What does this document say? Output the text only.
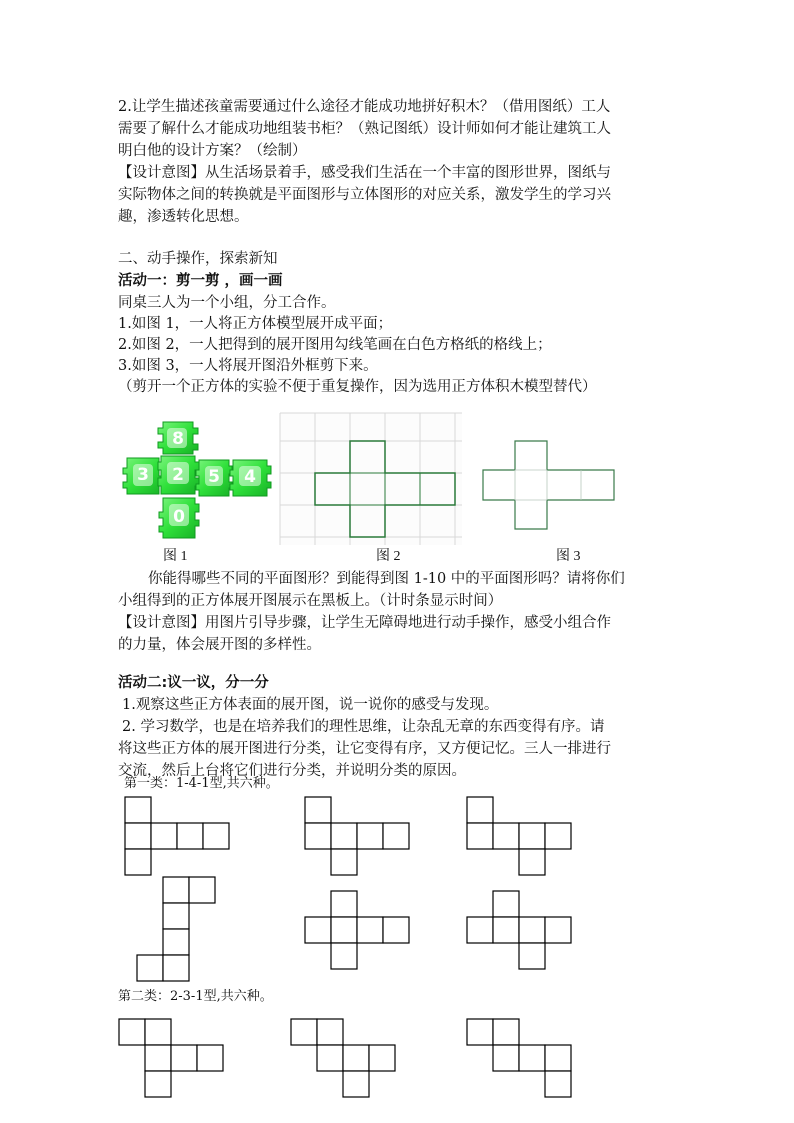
2.让学生描述孩童需要通过什么途径才能成功地拼好积木？（借用图纸）工人
需要了解什么才能成功地组装书柜？（熟记图纸）设计师如何才能让建筑工人
明白他的设计方案？（绘制）
【设计意图】从生活场景着手，感受我们生活在一个丰富的图形世界，图纸与
实际物体之间的转换就是平面图形与立体图形的对应关系，激发学生的学习兴
趣，渗透转化思想。
二、动手操作，探索新知
活动一：剪一剪 ，画一画
同桌三人为一个小组，分工合作。
1.如图 1，一人将正方体模型展开成平面；
2.如图 2，一人把得到的展开图用勾线笔画在白色方格纸的格线上；
3.如图 3，一人将展开图沿外框剪下来。
（剪开一个正方体的实验不便于重复操作，因为选用正方体积木模型替代）
8
3 2 5 4
0
图 1	图 2	图 3
你能得哪些不同的平面图形？到能得到图 1-10 中的平面图形吗？请将你们
小组得到的正方体展开图展示在黑板上。（计时条显示时间）
【设计意图】用图片引导步骤，让学生无障碍地进行动手操作，感受小组合作
的力量，体会展开图的多样性。
活动二:议一议，分一分
1.观察这些正方体表面的展开图，说一说你的感受与发现。
2. 学习数学，也是在培养我们的理性思维，让杂乱无章的东西变得有序。请
将这些正方体的展开图进行分类，让它变得有序，又方便记忆。三人一排进行
交流，然后上台将它们进行分类，并说明分类的原因。
第一类：1-4-1型,共六种。
第二类：2-3-1型,共六种。
